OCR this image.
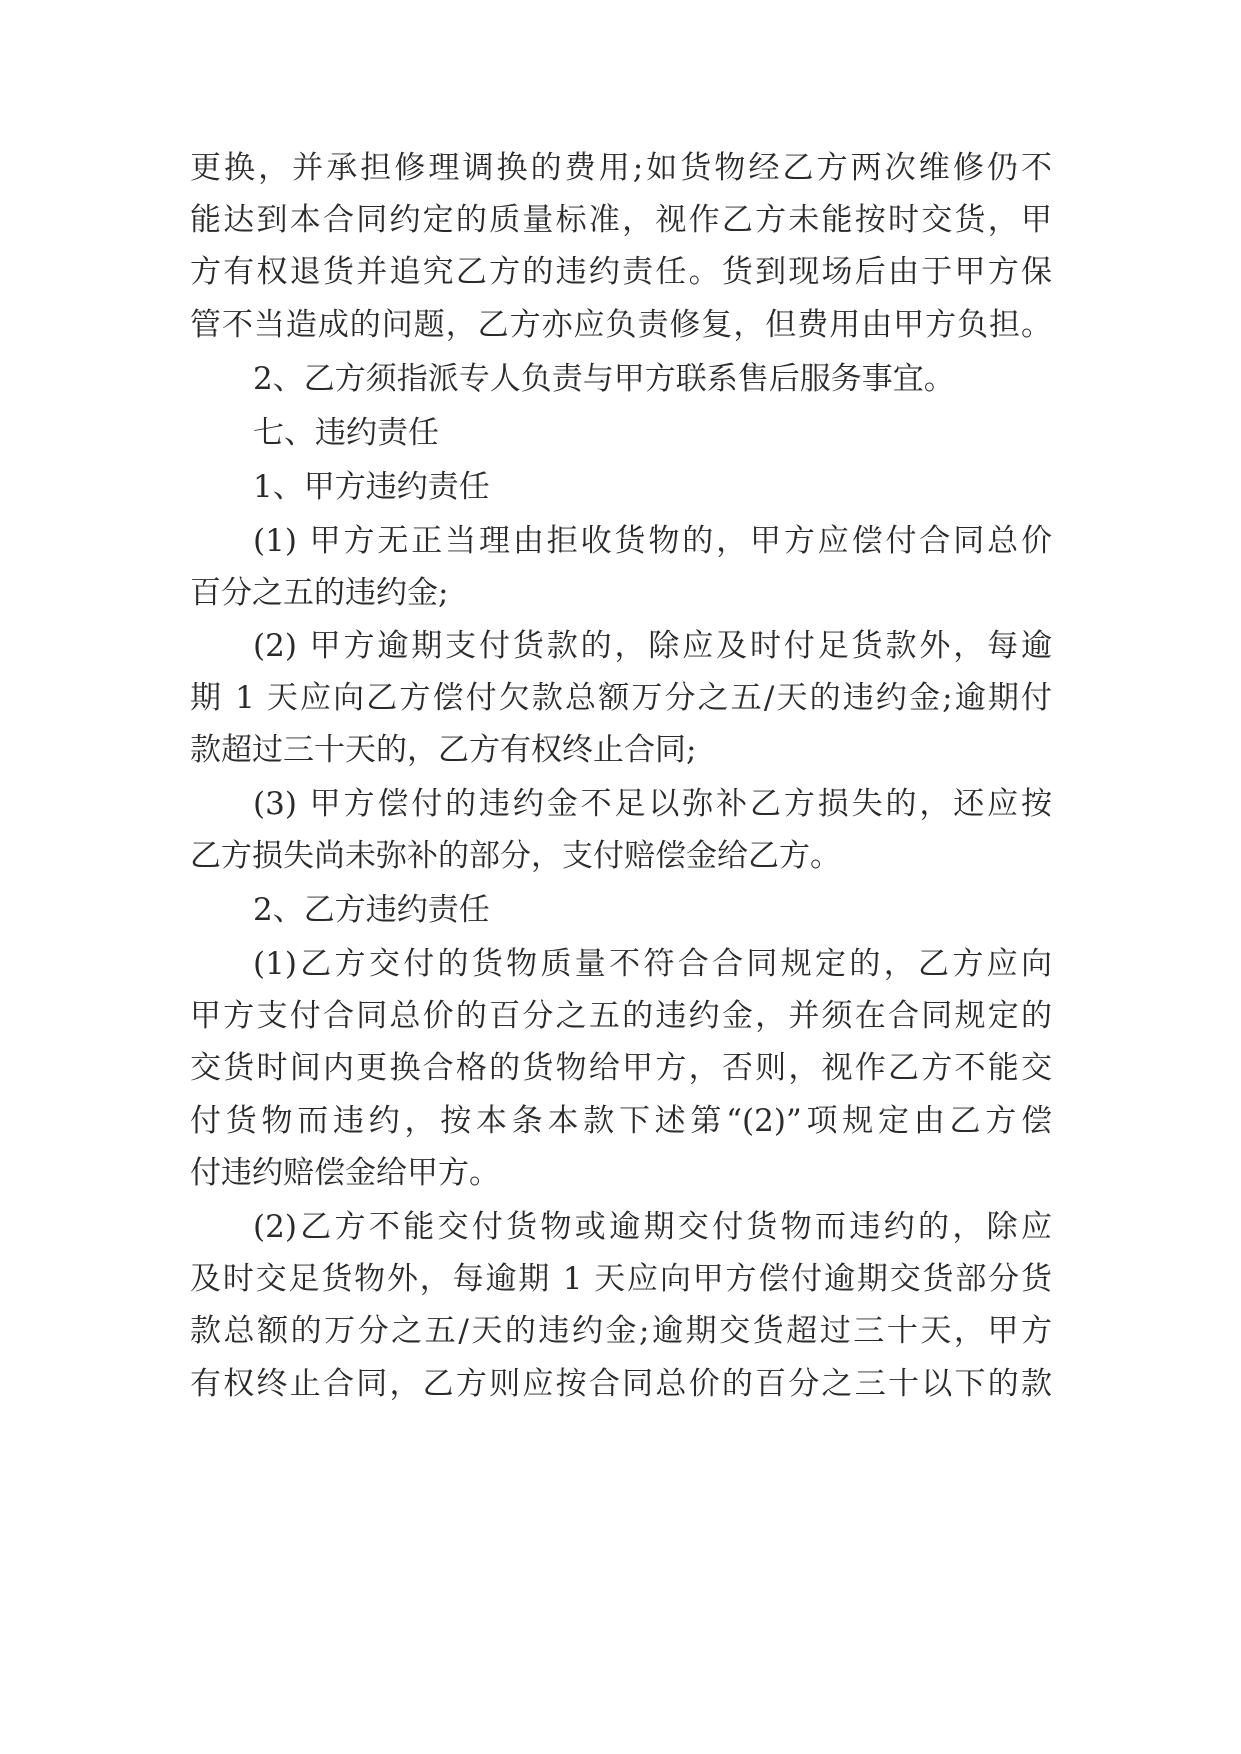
更换，并承担修理调换的费用;如货物经乙方两次维修仍不
能达到本合同约定的质量标准，视作乙方未能按时交货，甲
方有权退货并追究乙方的违约责任。货到现场后由于甲方保
管不当造成的问题，乙方亦应负责修复，但费用由甲方负担。
2、乙方须指派专人负责与甲方联系售后服务事宜。
七、违约责任
1、甲方违约责任
(1) 甲方无正当理由拒收货物的，甲方应偿付合同总价
百分之五的违约金;
(2) 甲方逾期支付货款的，除应及时付足货款外，每逾
期 1 天应向乙方偿付欠款总额万分之五/天的违约金;逾期付
款超过三十天的，乙方有权终止合同;
(3) 甲方偿付的违约金不足以弥补乙方损失的，还应按
乙方损失尚未弥补的部分，支付赔偿金给乙方。
2、乙方违约责任
(1)乙方交付的货物质量不符合合同规定的，乙方应向
甲方支付合同总价的百分之五的违约金，并须在合同规定的
交货时间内更换合格的货物给甲方，否则，视作乙方不能交
付货物而违约，按本条本款下述第“(2)”项规定由乙方偿
付违约赔偿金给甲方。
(2)乙方不能交付货物或逾期交付货物而违约的，除应
及时交足货物外，每逾期 1 天应向甲方偿付逾期交货部分货
款总额的万分之五/天的违约金;逾期交货超过三十天，甲方
有权终止合同，乙方则应按合同总价的百分之三十以下的款
